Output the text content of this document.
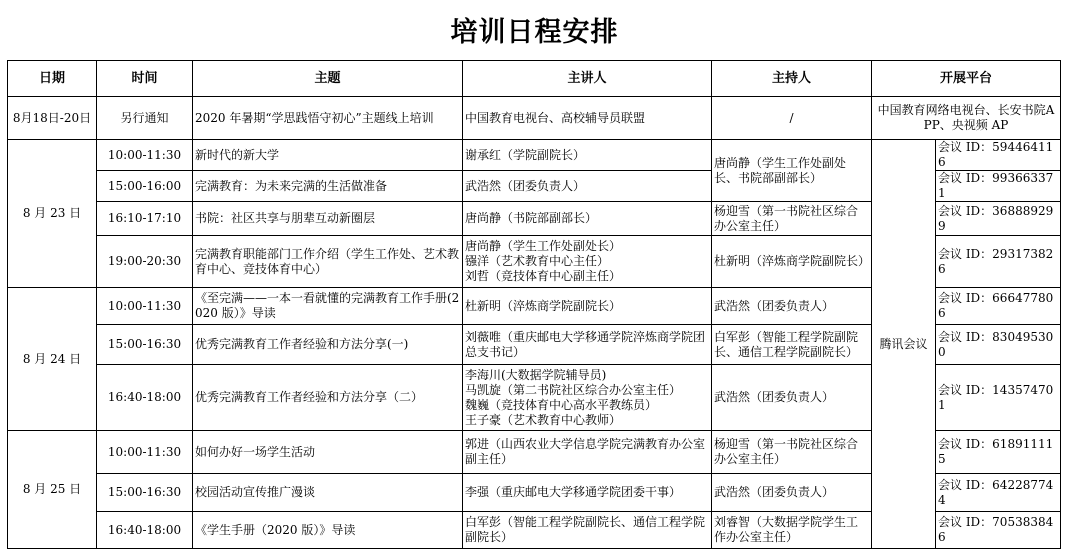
培训日程安排
日期	时间	主题	主讲人	主持人	开展平台	
8月18日-20日	另行通知	2020 年暑期“学思践悟守初心”主题线上培训	中国教育电视台、高校辅导员联盟	/	中国教育网络电视台、长安书院APP、央视频 AP	
8 月 23 日	10:00-11:30	新时代的新大学	谢承红（学院副院长）	唐尚静（学生工作处副处长、书院部副部长）	腾讯会议	会议 ID：594464116
	15:00-16:00	完满教育：为未来完满的生活做准备	武浩然（团委负责人）			会议 ID：993663371
	16:10-17:10	书院：社区共享与朋辈互动新圈层	唐尚静（书院部副部长）	杨迎雪（第一书院社区综合办公室主任）		会议 ID：368889299
	19:00-20:30	完满教育职能部门工作介绍（学生工作处、艺术教育中心、竞技体育中心）	唐尚静（学生工作处副处长）
镪洋（艺术教育中心主任）
刘哲（竞技体育中心副主任）	杜新明（淬炼商学院副院长）		会议 ID：293173826
8 月 24 日	10:00-11:30	《至完满——一本一看就懂的完满教育工作手册(2020 版）》导读	杜新明（淬炼商学院副院长）	武浩然（团委负责人）		会议 ID：666477806
	15:00-16:30	优秀完满教育工作者经验和方法分享(一)	刘薇唯（重庆邮电大学移通学院淬炼商学院团总支书记）	白军彭（智能工程学院副院长、通信工程学院副院长）		会议 ID：830495300
	16:40-18:00	优秀完满教育工作者经验和方法分享（二）	李海川(大数据学院辅导员)
马凯旋（第二书院社区综合办公室主任）
魏巍（竞技体育中心高水平教练员）
王子豪（艺术教育中心教师）	武浩然（团委负责人）		会议 ID：143574701
8 月 25 日	10:00-11:30	如何办好一场学生活动	郭进（山西农业大学信息学院完满教育办公室副主任）	杨迎雪（第一书院社区综合办公室主任）		会议 ID：618911115
	15:00-16:30	校园活动宣传推广漫谈	李强（重庆邮电大学移通学院团委干事）	武浩然（团委负责人）		会议 ID：642287744
	16:40-18:00	《学生手册（2020 版）》导读	白军彭（智能工程学院副院长、通信工程学院副院长）	刘睿智（大数据学院学生工作办公室主任）		会议 ID：705383846
